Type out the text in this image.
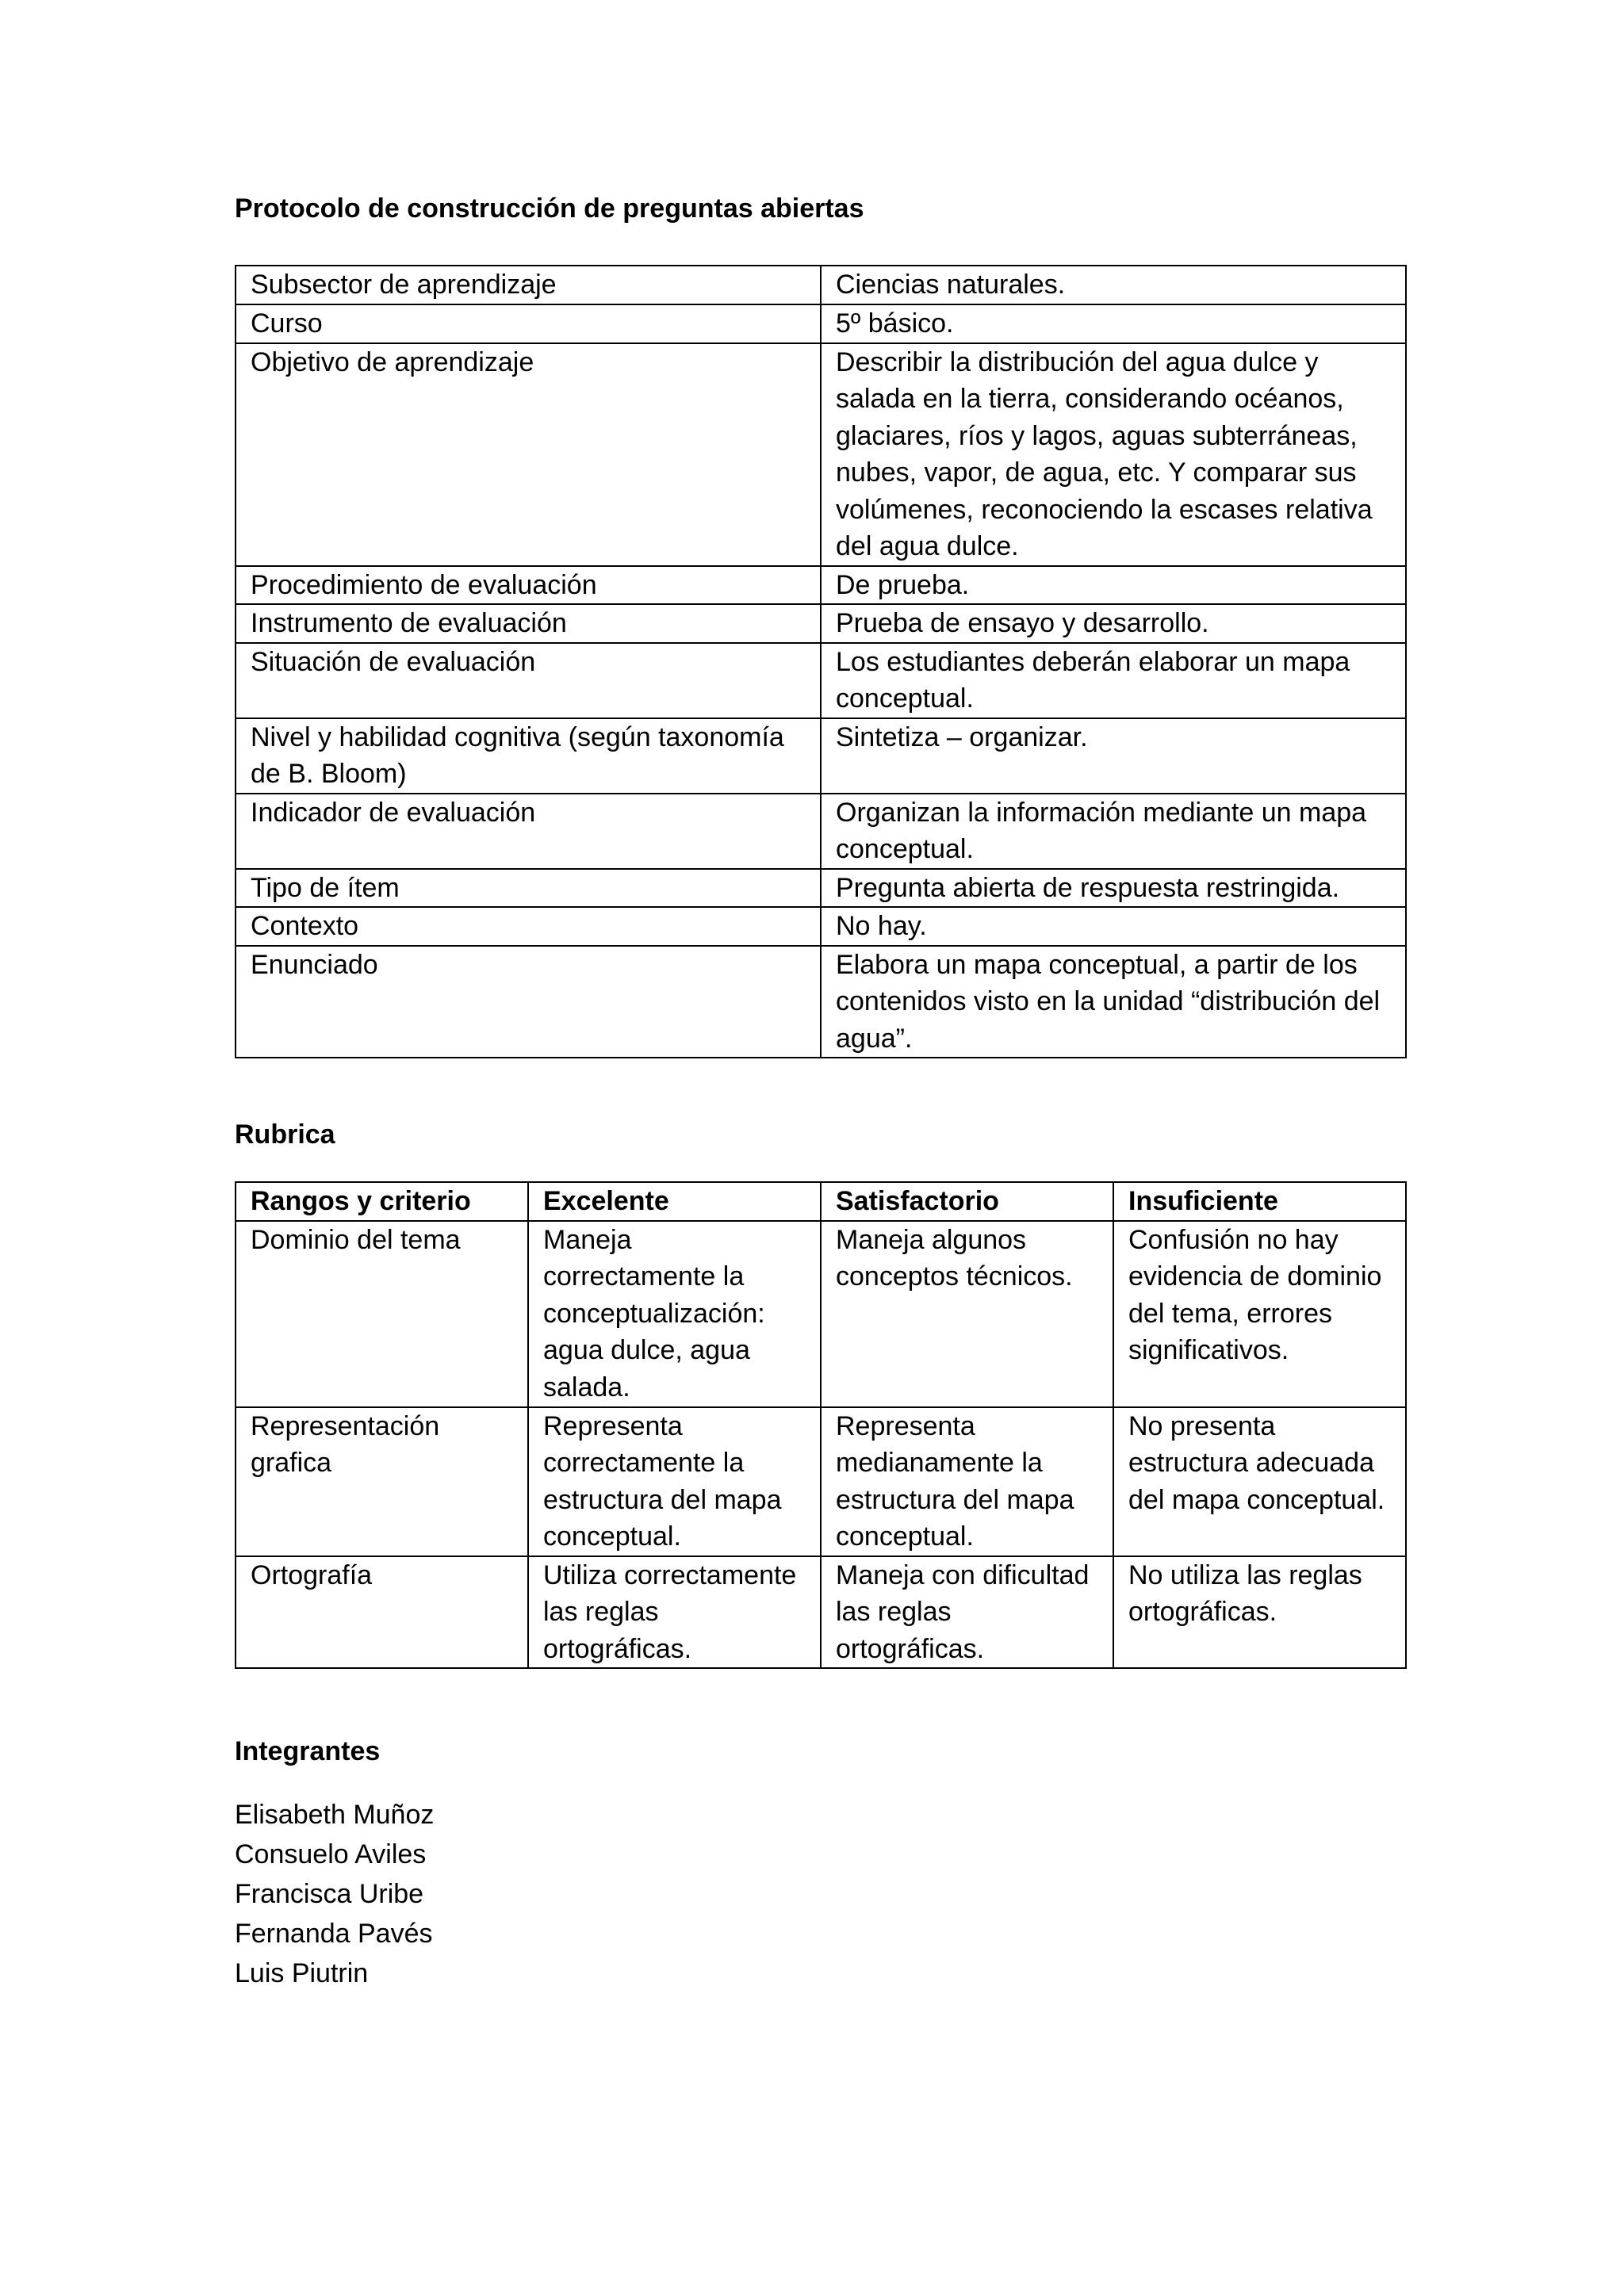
Protocolo de construcción de preguntas abiertas

Subsector de aprendizaje	Ciencias naturales.
Curso	5º básico.
Objetivo de aprendizaje	Describir la distribución del agua dulce y salada en la tierra, considerando océanos, glaciares, ríos y lagos, aguas subterráneas, nubes, vapor, de agua, etc. Y comparar sus volúmenes, reconociendo la escases relativa del agua dulce.
Procedimiento de evaluación	De prueba.
Instrumento de evaluación	Prueba de ensayo y desarrollo.
Situación de evaluación	Los estudiantes deberán elaborar un mapa conceptual.
Nivel y habilidad cognitiva (según taxonomía de B. Bloom)	Sintetiza – organizar.
Indicador de evaluación	Organizan la información mediante un mapa conceptual.
Tipo de ítem	Pregunta abierta de respuesta restringida.
Contexto	No hay.
Enunciado	Elabora un mapa conceptual, a partir de los contenidos visto en la unidad “distribución del agua”.

Rubrica

Rangos y criterio	Excelente	Satisfactorio	Insuficiente
Dominio del tema	Maneja correctamente la conceptualización: agua dulce, agua salada.	Maneja algunos conceptos técnicos.	Confusión no hay evidencia de dominio del tema, errores significativos.
Representación grafica	Representa correctamente la estructura del mapa conceptual.	Representa medianamente la estructura del mapa conceptual.	No presenta estructura adecuada del mapa conceptual.
Ortografía	Utiliza correctamente las reglas ortográficas.	Maneja con dificultad las reglas ortográficas.	No utiliza las reglas ortográficas.

Integrantes

Elisabeth Muñoz
Consuelo Aviles
Francisca Uribe
Fernanda Pavés
Luis Piutrin
